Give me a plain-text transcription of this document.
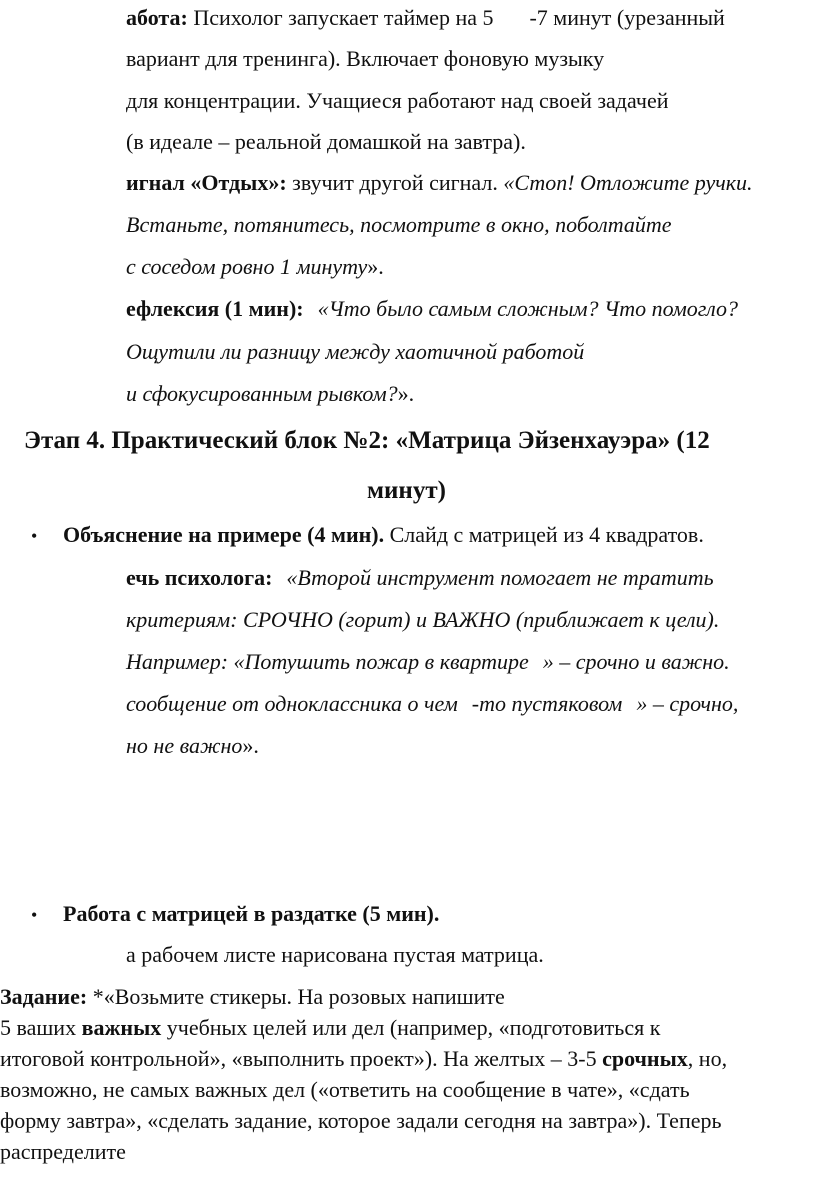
абота: Психолог запускает таймер на 5 -7 минут (урезанный
вариант для тренинга). Включает фоновую музыку
для концентрации. Учащиеся работают над своей задачей
(в идеале – реальной домашкой на завтра).
игнал «Отдых»: звучит другой сигнал. «Стоп! Отложите ручки.
Встаньте, потянитесь, посмотрите в окно, поболтайте
с соседом ровно 1 минуту».
ефлексия (1 мин): «Что было самым сложным? Что помогло?
Ощутили ли разницу между хаотичной работой
и сфокусированным рывком?».
Этап 4. Практический блок №2: «Матрица Эйзенхауэра» (12
минут)
• Объяснение на примере (4 мин). Слайд с матрицей из 4 квадратов.
ечь психолога: «Второй инструмент помогает не тратить
критериям: СРОЧНО (горит) и ВАЖНО (приближает к цели).
Например: «Потушить пожар в квартире » – срочно и важно.
сообщение от одноклассника о чем -то пустяковом » – срочно,
но не важно».
• Работа с матрицей в раздатке (5 мин).
а рабочем листе нарисована пустая матрица.
Задание: *«Возьмите стикеры. На розовых напишите
5 ваших важных учебных целей или дел (например, «подготовиться к
итоговой контрольной», «выполнить проект»). На желтых – 3-5 срочных, но,
возможно, не самых важных дел («ответить на сообщение в чате», «сдать
форму завтра», «сделать задание, которое задали сегодня на завтра»). Теперь
распределите
